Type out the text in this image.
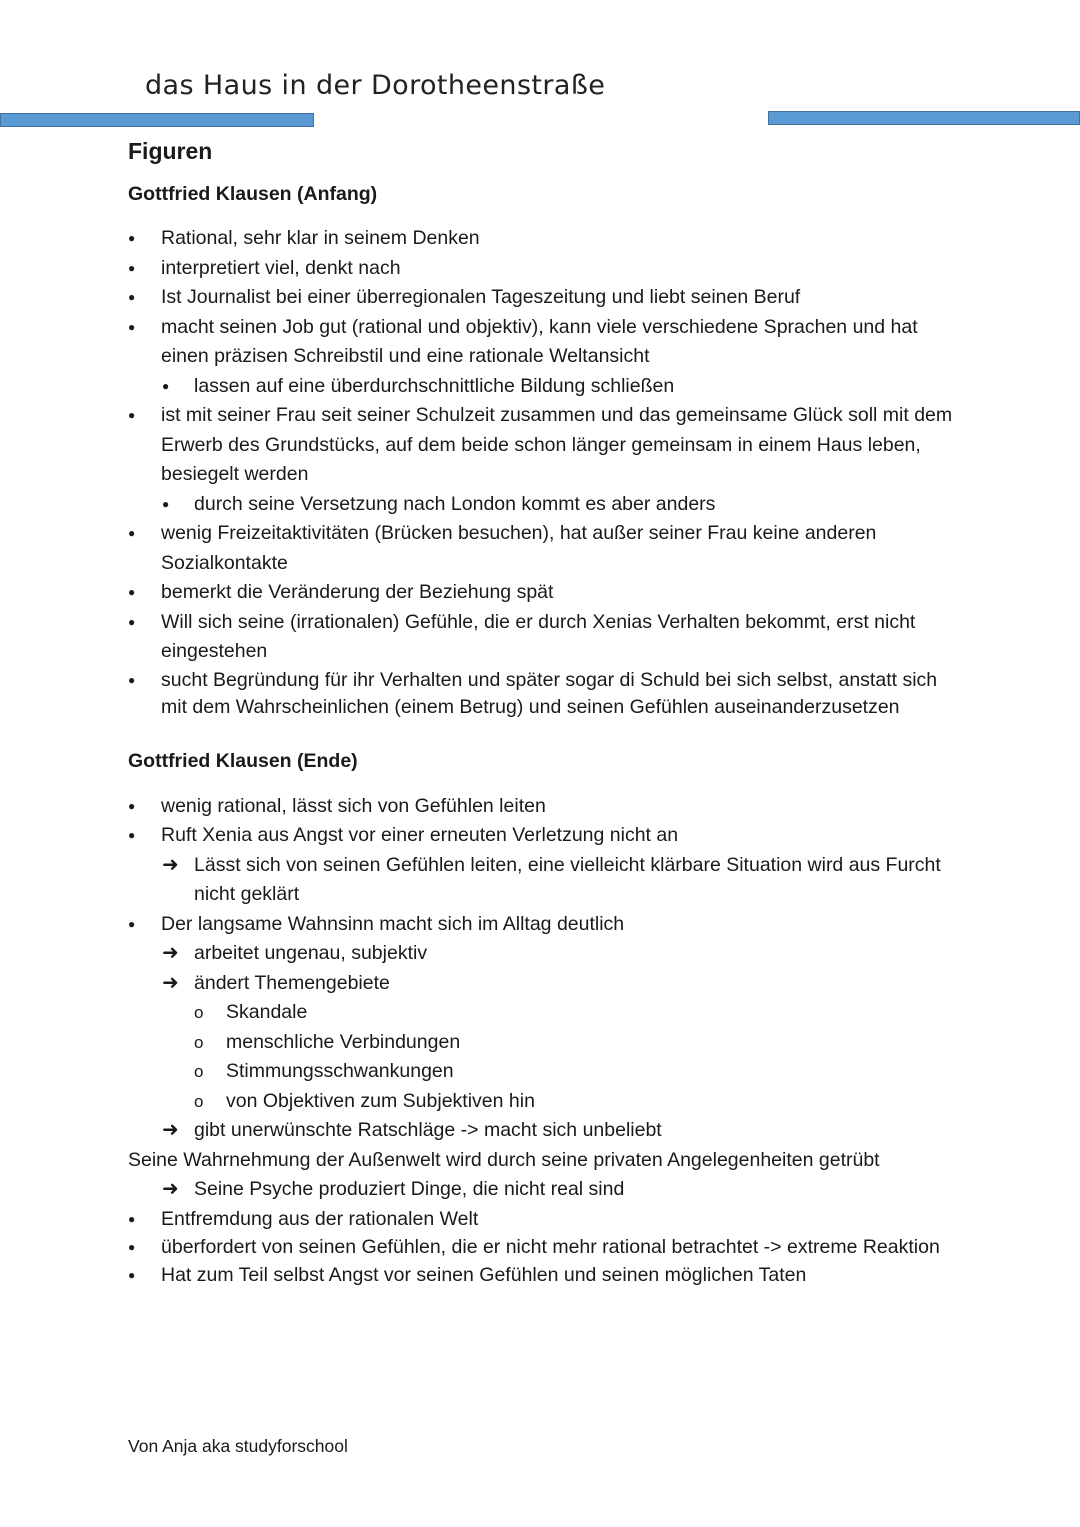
das Haus in der Dorotheenstraße
Figuren
Gottfried Klausen (Anfang)
● Rational, sehr klar in seinem Denken
● interpretiert viel, denkt nach
● Ist Journalist bei einer überregionalen Tageszeitung und liebt seinen Beruf
● macht seinen Job gut (rational und objektiv), kann viele verschiedene Sprachen und hat einen präzisen Schreibstil und eine rationale Weltansicht
● lassen auf eine überdurchschnittliche Bildung schließen
● ist mit seiner Frau seit seiner Schulzeit zusammen und das gemeinsame Glück soll mit dem Erwerb des Grundstücks, auf dem beide schon länger gemeinsam in einem Haus leben, besiegelt werden
● durch seine Versetzung nach London kommt es aber anders
● wenig Freizeitaktivitäten (Brücken besuchen), hat außer seiner Frau keine anderen Sozialkontakte
● bemerkt die Veränderung der Beziehung spät
● Will sich seine (irrationalen) Gefühle, die er durch Xenias Verhalten bekommt, erst nicht eingestehen
● sucht Begründung für ihr Verhalten und später sogar di Schuld bei sich selbst, anstatt sich mit dem Wahrscheinlichen (einem Betrug) und seinen Gefühlen auseinanderzusetzen
Gottfried Klausen (Ende)
● wenig rational, lässt sich von Gefühlen leiten
● Ruft Xenia aus Angst vor einer erneuten Verletzung nicht an
➜ Lässt sich von seinen Gefühlen leiten, eine vielleicht klärbare Situation wird aus Furcht nicht geklärt
● Der langsame Wahnsinn macht sich im Alltag deutlich
➜ arbeitet ungenau, subjektiv
➜ ändert Themengebiete
o Skandale
o menschliche Verbindungen
o Stimmungsschwankungen
o von Objektiven zum Subjektiven hin
➜ gibt unerwünschte Ratschläge -> macht sich unbeliebt
Seine Wahrnehmung der Außenwelt wird durch seine privaten Angelegenheiten getrübt
➜ Seine Psyche produziert Dinge, die nicht real sind
● Entfremdung aus der rationalen Welt
● überfordert von seinen Gefühlen, die er nicht mehr rational betrachtet -> extreme Reaktion
● Hat zum Teil selbst Angst vor seinen Gefühlen und seinen möglichen Taten
Von Anja aka studyforschool
